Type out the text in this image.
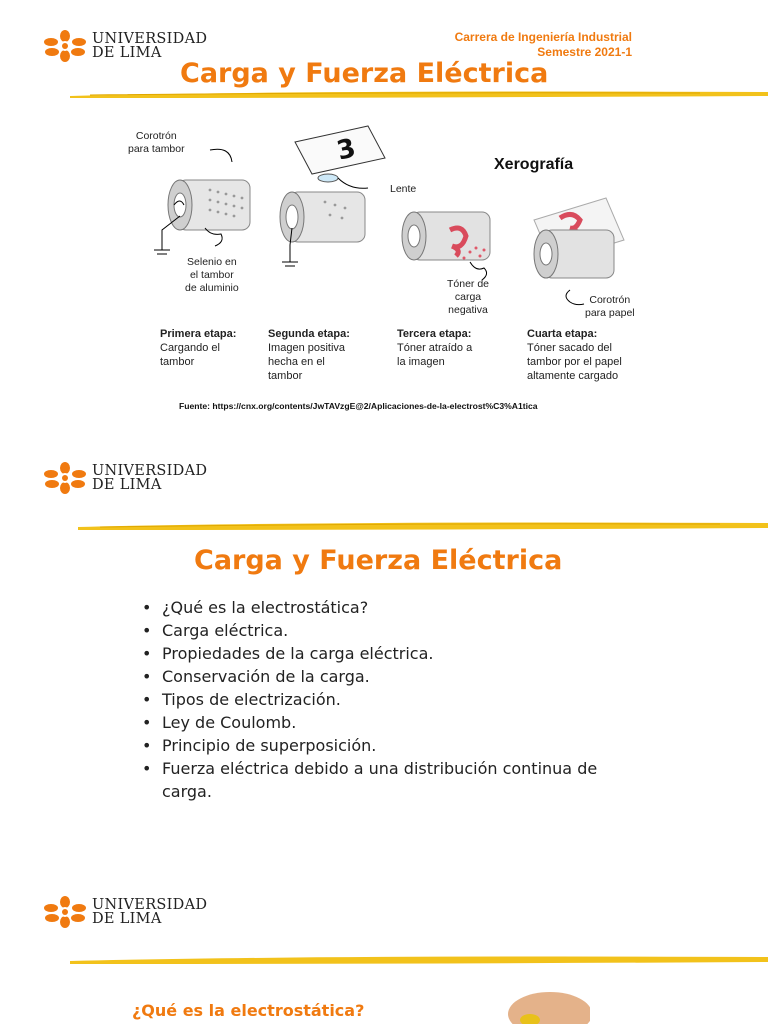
UNIVERSIDAD
DE LIMA
Carrera de Ingeniería Industrial
Semestre 2021-1
Carga y Fuerza Eléctrica
3	Xerografía
Corotrón
para tambor
Lente
Selenio en
el tambor
de aluminio	Tóner de
carga
negativa
Corotrón
para papel
Primera etapa:
Cargando el
tambor
Segunda etapa:
Imagen positiva
hecha en el
tambor
Tercera etapa:
Tóner atraído a
la imagen
Cuarta etapa:
Tóner sacado del
tambor por el papel
altamente cargado
Fuente: https://cnx.org/contents/JwTAVzgE@2/Aplicaciones-de-la-electrost%C3%A1tica
UNIVERSIDAD
DE LIMA
Carga y Fuerza Eléctrica
• ¿Qué es la electrostática?
• Carga eléctrica.
• Propiedades de la carga eléctrica.
• Conservación de la carga.
• Tipos de electrización.
• Ley de Coulomb.
• Principio de superposición.
• Fuerza eléctrica debido a una distribución continua de carga.
UNIVERSIDAD
DE LIMA
¿Qué es la electrostática?
